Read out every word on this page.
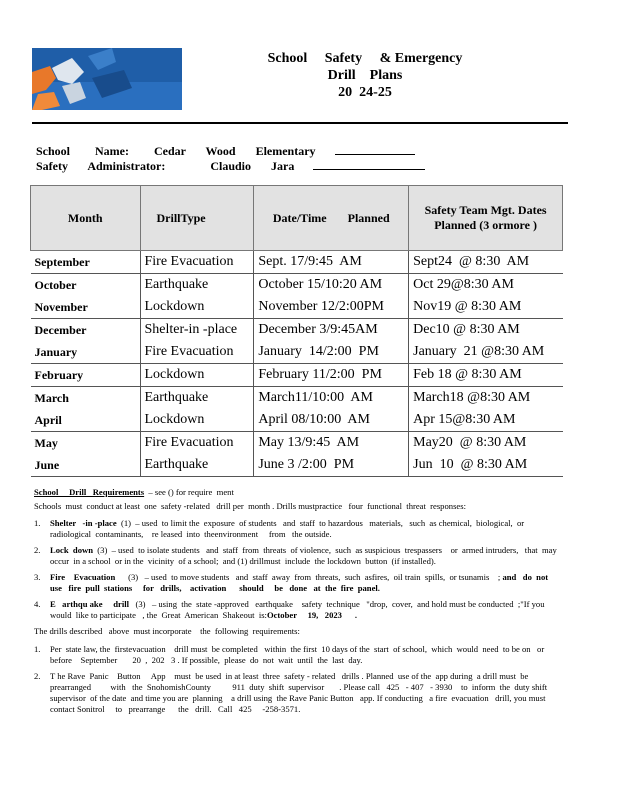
School     Safety     & Emergency
Drill    Plans
20  24-25
School     Name: Cedar    Wood    Elementary
Safety    Administrator:	Claudio    Jara
Month	DrillType	Date/Time       Planned	Safety Team Mgt. Dates Planned (3 ormore )
September	Fire Evacuation	Sept. 17/9:45  AM	Sept24  @ 8:30  AM
October	Earthquake	October 15/10:20 AM	Oct 29@8:30 AM
November	Lockdown	November 12/2:00PM	Nov19 @ 8:30 AM
December	Shelter-in -place	December 3/9:45AM	Dec10 @ 8:30 AM
January	Fire Evacuation	January  14/2:00  PM	January  21 @8:30 AM
February	Lockdown	February 11/2:00  PM	Feb 18 @ 8:30 AM
March	Earthquake	March11/10:00  AM	March18 @8:30 AM
April	Lockdown	April 08/10:00  AM	Apr 15@8:30 AM
May	Fire Evacuation	May 13/9:45  AM	May20  @ 8:30 AM
June	Earthquake	June 3 /2:00  PM	Jun  10  @ 8:30 AM

School     Drill   Requirements  – see () for require  ment

Schools  must  conduct at least  one  safety -related   drill per  month . Drills mustpractice   four  functional  threat  responses:

1.	Shelter   -in -place  (1)  – used  to limit the  exposure  of students   and  staff  to hazardous   materials,   such  as chemical,  biological,  or radiological  contaminants,    re leased  into  theenvironment     from   the outside.
2.	Lock  down  (3)  – used  to isolate students   and  staff  from  threats  of violence,  such  as suspicious  trespassers    or  armed intruders,   that  may occur  in a school  or in the  vicinity  of a school;  and (1) drillmust  include  the lockdown  button  (if installed).
3.	Fire    Evacuation      (3)   – used  to move students   and  staff  away  from  threats,  such  asfires,  oil train  spills,  or tsunamis    ; and   do  not  use   fire  pull  stations     for   drills,    activation      should     be   done   at  the  fire  panel.
4.	E   arthqu ake     drill   (3)   – using  the  state -approved   earthquake    safety  technique   "drop,  cover,  and hold must be conducted  ;"If you  would  like to participate   , the  Great  American  Shakeout  is:October     19,   2023      .

The drills described   above  must incorporate    the  following  requirements:

1.	Per  state law, the  firstevacuation    drill must  be completed   within  the first  10 days of the  start  of school,  which  would  need  to be on   or  before    September       20  ,  202   3 . If possible,  please  do  not  wait  until  the  last  day.
2.	T he Rave  Panic    Button     App    must  be used  in at least  three  safety - related   drills . Planned  use of the  app during  a drill must  be prearranged         with   the  SnohomishCounty          911  duty  shift  supervisor       . Please call   425   - 407   - 3930    to  inform  the  duty shift supervisor  of the date  and time you are  planning    a drill using  the Rave Panic Button   app. If conducting   a fire  evacuation   drill, you must contact Sonitrol     to   prearrange      the   drill.   Call   425     -258-3571.
